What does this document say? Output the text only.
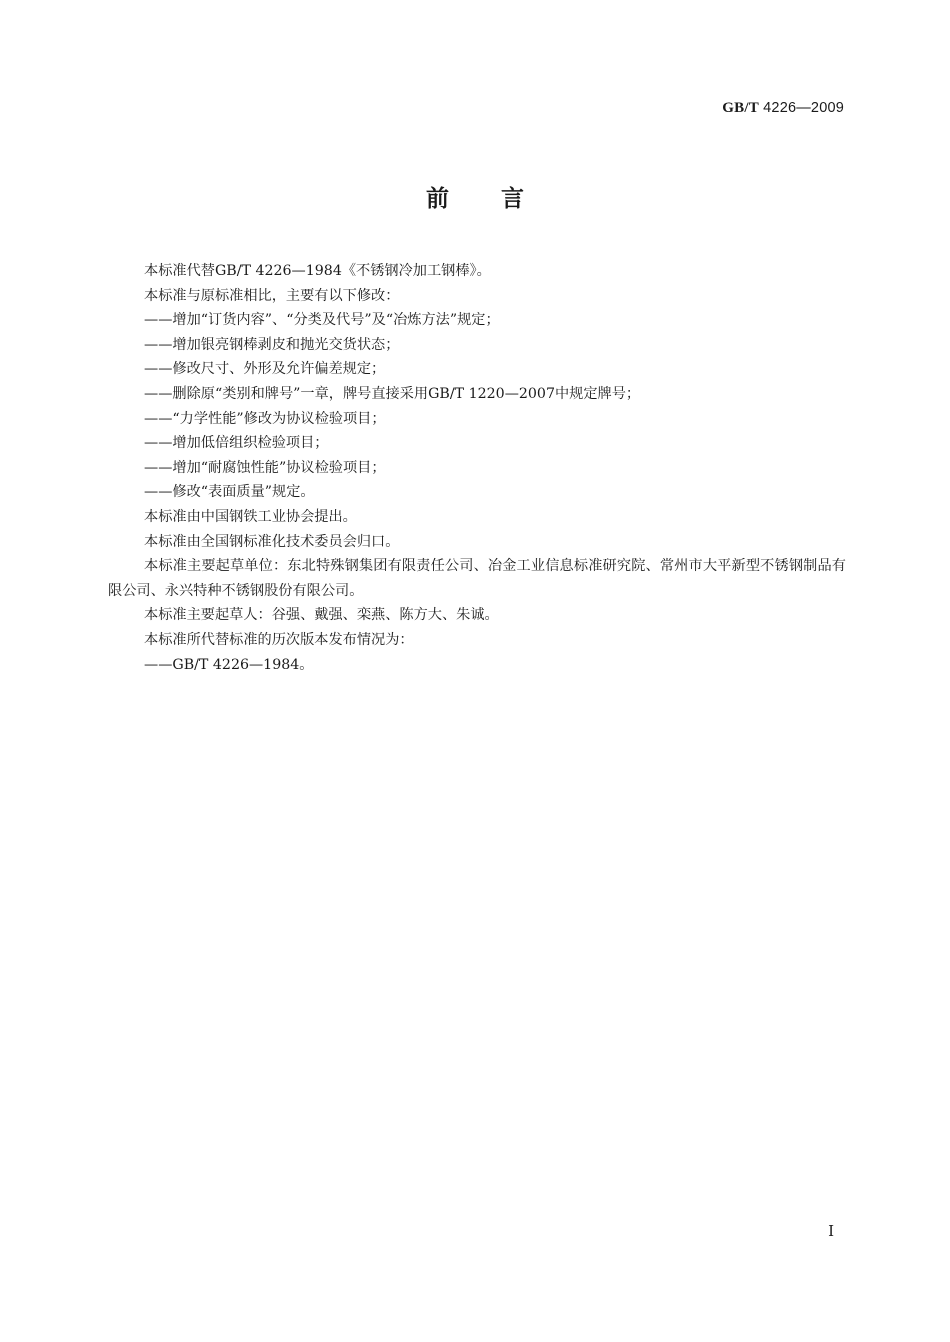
GB/T 4226—2009
前言

本标准代替GB/T 4226—1984《不锈钢冷加工钢棒》。

本标准与原标准相比，主要有以下修改：

——增加“订货内容”、“分类及代号”及“冶炼方法”规定；

——增加银亮钢棒剥皮和抛光交货状态；

——修改尺寸、外形及允许偏差规定；

——删除原“类别和牌号”一章，牌号直接采用GB/T 1220—2007中规定牌号；

——“力学性能”修改为协议检验项目；

——增加低倍组织检验项目；

——增加“耐腐蚀性能”协议检验项目；

——修改“表面质量”规定。

本标准由中国钢铁工业协会提出。

本标准由全国钢标准化技术委员会归口。

本标准主要起草单位：东北特殊钢集团有限责任公司、冶金工业信息标准研究院、常州市大平新型不锈钢制品有限公司、永兴特种不锈钢股份有限公司。

本标准主要起草人：谷强、戴强、栾燕、陈方大、朱诚。

本标准所代替标准的历次版本发布情况为：

——GB/T 4226—1984。

I
